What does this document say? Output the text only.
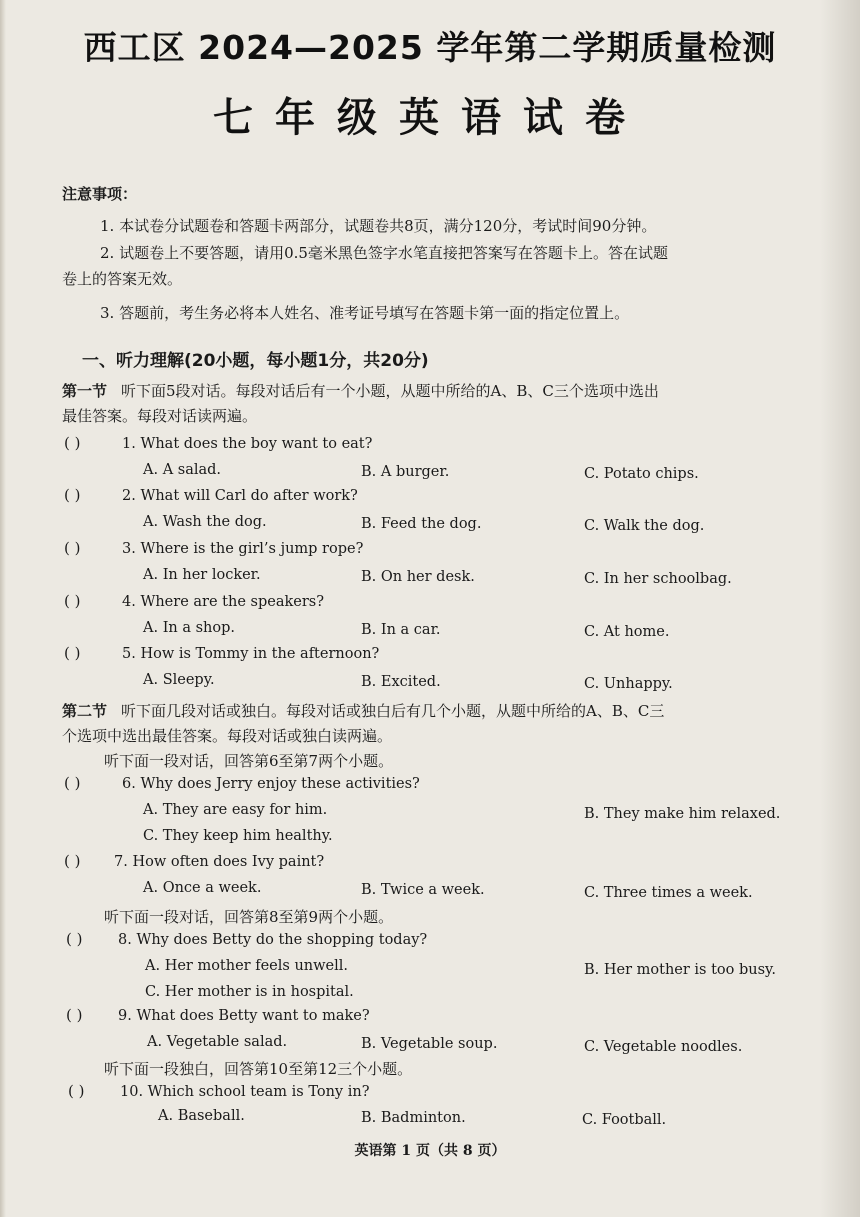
西工区 2024—2025 学年第二学期质量检测
七年级英语试卷
注意事项：
1. 本试卷分试题卷和答题卡两部分，试题卷共8页，满分120分，考试时间90分钟。
2. 试题卷上不要答题，请用0.5毫米黑色签字水笔直接把答案写在答题卡上。答在试题
卷上的答案无效。
3. 答题前，考生务必将本人姓名、准考证号填写在答题卡第一面的指定位置上。
一、听力理解(20小题，每小题1分，共20分)
第一节 听下面5段对话。每段对话后有一个小题，从题中所给的A、B、C三个选项中选出
最佳答案。每段对话读两遍。
( )	1. What does the boy want to eat?
A. A salad.	B. A burger.	C. Potato chips.
( )	2. What will Carl do after work?
A. Wash the dog.	B. Feed the dog.	C. Walk the dog.
( )	3. Where is the girl’s jump rope?
A. In her locker.	B. On her desk.	C. In her schoolbag.
( )	4. Where are the speakers?
A. In a shop.	B. In a car.	C. At home.
( )	5. How is Tommy in the afternoon?
A. Sleepy.	B. Excited.	C. Unhappy.
第二节 听下面几段对话或独白。每段对话或独白后有几个小题，从题中所给的A、B、C三
个选项中选出最佳答案。每段对话或独白读两遍。
听下面一段对话，回答第6至第7两个小题。
( )	6. Why does Jerry enjoy these activities?
A. They are easy for him.	B. They make him relaxed.
C. They keep him healthy.
( ) 7. How often does Ivy paint?
A. Once a week.	B. Twice a week.	C. Three times a week.
听下面一段对话，回答第8至第9两个小题。
( ) 8. Why does Betty do the shopping today?
A. Her mother feels unwell.	B. Her mother is too busy.
C. Her mother is in hospital.
( ) 9. What does Betty want to make?
A. Vegetable salad.	B. Vegetable soup.	C. Vegetable noodles.
听下面一段独白，回答第10至第12三个小题。
( ) 10. Which school team is Tony in?
A. Baseball.	B. Badminton.	C. Football.
英语第 1 页（共 8 页）
